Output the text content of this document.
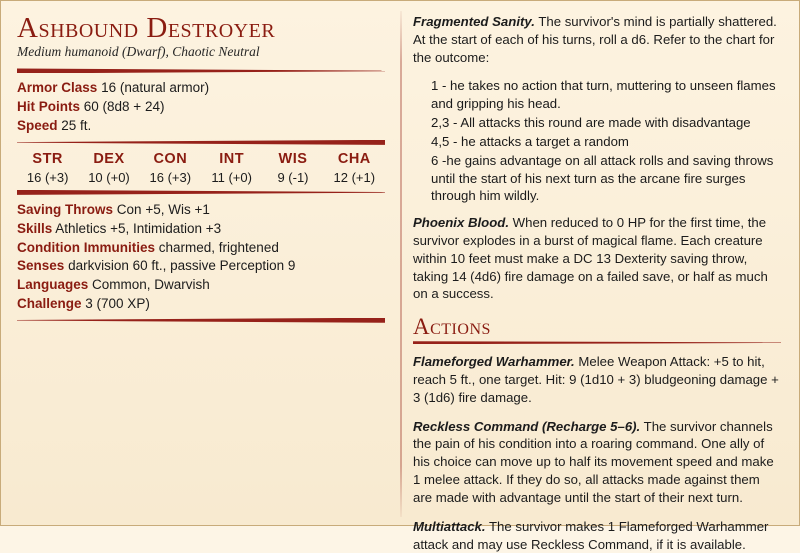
Ashbound Destroyer
Medium humanoid (Dwarf), Chaotic Neutral
Armor Class 16 (natural armor)
Hit Points 60 (8d8 + 24)
Speed 25 ft.
STR
16 (+3)
DEX
10 (+0)
CON
16 (+3)
INT
11 (+0)
WIS
9 (-1)
CHA
12 (+1)
Saving Throws Con +5, Wis +1
Skills Athletics +5, Intimidation +3
Condition Immunities charmed, frightened
Senses darkvision 60 ft., passive Perception 9
Languages Common, Dwarvish
Challenge 3 (700 XP)

Fragmented Sanity. The survivor's mind is partially shattered. At the start of each of his turns, roll a d6. Refer to the chart for the outcome:

1 - he takes no action that turn, muttering to unseen flames and gripping his head.
2,3 - All attacks this round are made with disadvantage
4,5 - he attacks a target a random
6 -he gains advantage on all attack rolls and saving throws until the start of his next turn as the arcane fire surges through him wildly.

Phoenix Blood. When reduced to 0 HP for the first time, the survivor explodes in a burst of magical flame. Each creature within 10 feet must make a DC 13 Dexterity saving throw, taking 14 (4d6) fire damage on a failed save, or half as much on a success.

Actions

Flameforged Warhammer. Melee Weapon Attack: +5 to hit, reach 5 ft., one target. Hit: 9 (1d10 + 3) bludgeoning damage + 3 (1d6) fire damage.

Reckless Command (Recharge 5–6). The survivor channels the pain of his condition into a roaring command. One ally of his choice can move up to half its movement speed and make 1 melee attack. If they do so, all attacks made against them are made with advantage until the start of their next turn.

Multiattack. The survivor makes 1 Flameforged Warhammer attack and may use Reckless Command, if it is available.
